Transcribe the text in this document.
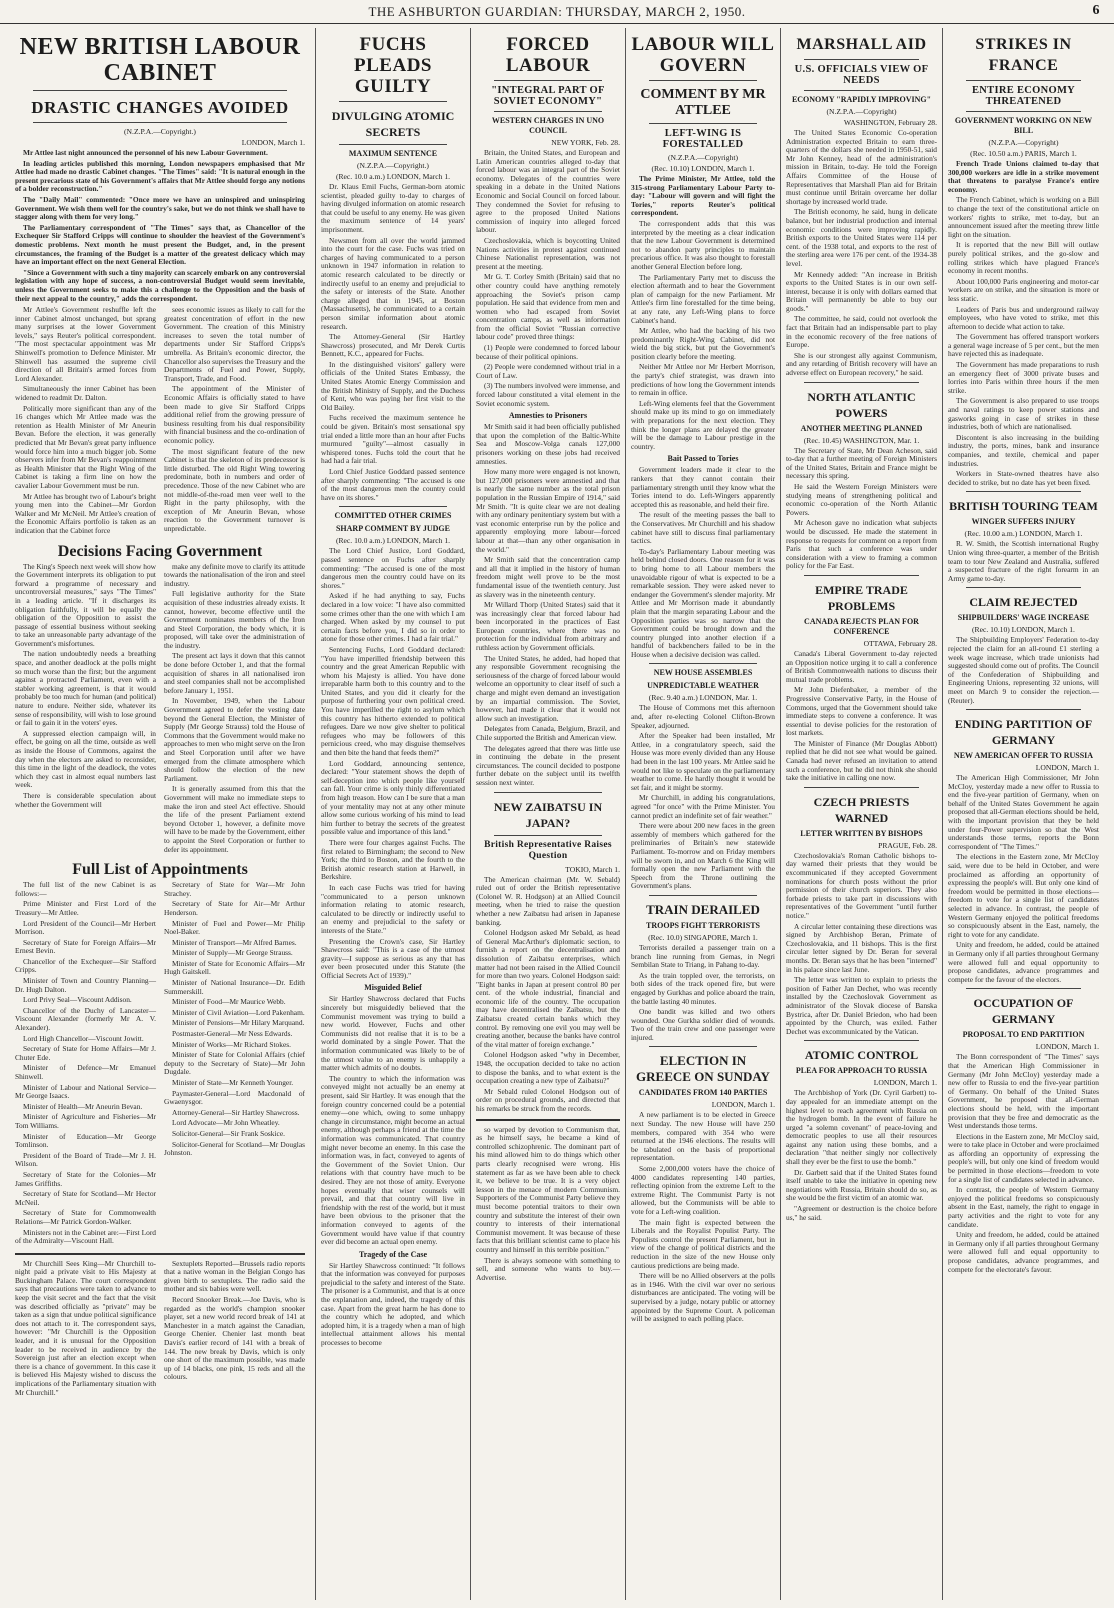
THE ASHBURTON GUARDIAN: THURSDAY, MARCH 2, 1950.	6
NEW BRITISH LABOUR CABINET
DRASTIC CHANGES AVOIDED
(N.Z.P.A.—Copyright.)
LONDON, March 1.

Mr Attlee last night announced the personnel of his new Labour Government.

In leading articles published this morning, London newspapers emphasised that Mr Attlee had made no drastic Cabinet changes. "The Times" said: "It is natural enough in the present precarious state of his Government's affairs that Mr Attlee should forgo any notions of a bolder reconstruction."

The "Daily Mail" commented: "Once more we have an uninspired and uninspiring Government. We wish them well for the country's sake, but we do not think we shall have to stagger along with them for very long."

The Parliamentary correspondent of "The Times" says that, as Chancellor of the Exchequer Sir Stafford Cripps will continue to shoulder the heaviest of the Government's domestic problems. Next month he must present the Budget, and, in the present circumstances, the framing of the Budget is a matter of the greatest delicacy which may have an important effect on the next General Election.

"Since a Government with such a tiny majority can scarcely embark on any controversial legislation with any hope of success, a non-controversial Budget would seem inevitable, unless the Government seeks to make this a challenge to the Opposition and the basis of their next appeal to the country," adds the correspondent.

Mr Attlee's Government reshuffle left the inner Cabinet almost unchanged, but sprang many surprises at the lower Government levels," says Reuter's political correspondent. "The most spectacular appointment was Mr Shinwell's promotion to Defence Minister. Mr Shinwell has assumed the supreme civil direction of all Britain's armed forces from Lord Alexander.

Simultaneously the inner Cabinet has been widened to readmit Dr. Dalton.

Politically more significant than any of the 16 changes which Mr Attlee made was the retention as Health Minister of Mr Aneurin Bevan. Before the election, it was generally predicted that Mr Bevan's great party influence would force him into a much bigger job. Some observers infer from Mr Bevan's reappointment as Health Minister that the Right Wing of the Cabinet is taking a firm line on how the cavalier Labour Government must be run.

Mr Attlee has brought two of Labour's bright young men into the Cabinet—Mr Gordon Walker and Mr McNeil. Mr Attlee's creation of the Economic Affairs portfolio is taken as an indication that the Cabinet force

sees economic issues as likely to call for the greatest concentration of effort in the new Government. The creation of this Ministry increases to seven the total number of departments under Sir Stafford Cripps's umbrella. As Britain's economic director, the Chancellor also supervises the Treasury and the Departments of Fuel and Power, Supply, Transport, Trade, and Food.

The appointment of the Minister of Economic Affairs is officially stated to have been made to give Sir Stafford Cripps additional relief from the growing pressure of business resulting from his dual responsibility with financial business and the co-ordination of economic policy.

The most significant feature of the new Cabinet is that the skeleton of its predecessor is little disturbed. The old Right Wing towering predominate, both in numbers and order of precedence. Those of the new Cabinet who are not middle-of-the-road men veer well to the Right in the party philosophy, with the exception of Mr Aneurin Bevan, whose reaction to the Government turnover is unpredictable.

Decisions Facing Government

The King's Speech next week will show how the Government interprets its obligation to put forward a programme of necessary and uncontroversial measures," says "The Times" in a leading article. "If it discharges its obligation faithfully, it will be equally the obligation of the Opposition to assist the passage of essential business without seeking to take an unreasonable party advantage of the Government's misfortunes.

The nation undoubtedly needs a breathing space, and another deadlock at the polls might so much worse than the first; but the argument against a protracted Parliament, even with a stabler working agreement, is that it would probably be too much for human (and political) nature to endure. Neither side, whatever its sense of responsibility, will wish to lose ground or fail to gain it in the voters' eyes.

A suppressed election campaign will, in effect, be going on all the time, outside as well as inside the House of Commons, against the day when the electors are asked to reconsider, this time in the light of the deadlock, the votes which they cast in almost equal numbers last week.

There is considerable speculation about whether the Government will

make any definite move to clarify its attitude towards the nationalisation of the iron and steel industry.

Full legislative authority for the State acquisition of these industries already exists. It cannot, however, become effective until the Government nominates members of the Iron and Steel Corporation, the body which, it is proposed, will take over the administration of the industry.

The present act lays it down that this cannot be done before October 1, and that the formal acquisition of shares in all nationalised iron and steel companies shall not be accomplished before January 1, 1951.

In November, 1949, when the Labour Government agreed to defer the vesting date beyond the General Election, the Minister of Supply (Mr George Strauss) told the House of Commons that the Government would make no approaches to men who might serve on the Iron and Steel Corporation until after we have emerged from the climate atmosphere which should follow the election of the new Parliament.

It is generally assumed from this that the Government will make no immediate steps to make the iron and steel Act effective. Should the life of the present Parliament extend beyond October 1, however, a definite move will have to be made by the Government, either to appoint the Steel Corporation or further to defer its appointment.

Full List of Appointments

The full list of the new Cabinet is as follows:—

Prime Minister and First Lord of the Treasury—Mr Attlee.

Lord President of the Council—Mr Herbert Morrison.

Secretary of State for Foreign Affairs—Mr Ernest Bevin.

Chancellor of the Exchequer—Sir Stafford Cripps.

Minister of Town and Country Planning—Dr. Hugh Dalton.

Lord Privy Seal—Viscount Addison.

Chancellor of the Duchy of Lancaster—Viscount Alexander (formerly Mr A. V. Alexander).

Lord High Chancellor—Viscount Jowitt.

Secretary of State for Home Affairs—Mr J. Chuter Ede.

Minister of Defence—Mr Emanuel Shinwell.

Minister of Labour and National Service—Mr George Isaacs.

Minister of Health—Mr Aneurin Bevan.

Minister of Agriculture and Fisheries—Mr Tom Williams.

Minister of Education—Mr George Tomlinson.

President of the Board of Trade—Mr J. H. Wilson.

Secretary of State for the Colonies—Mr James Griffiths.

Secretary of State for Scotland—Mr Hector McNeil.

Secretary of State for Commonwealth Relations—Mr Patrick Gordon-Walker.

Ministers not in the Cabinet are:—First Lord of the Admiralty—Viscount Hall.

Secretary of State for War—Mr John Strachey.

Secretary of State for Air—Mr Arthur Henderson.

Minister of Fuel and Power—Mr Philip Noel-Baker.

Minister of Transport—Mr Alfred Barnes.

Minister of Supply—Mr George Strauss.

Minister of State for Economic Affairs—Mr Hugh Gaitskell.

Minister of National Insurance—Dr. Edith Summerskill.

Minister of Food—Mr Maurice Webb.

Minister of Civil Aviation—Lord Pakenham.

Minister of Pensions—Mr Hilary Marquand.

Postmaster-General—Mr Ness Edwards.

Minister of Works—Mr Richard Stokes.

Minister of State for Colonial Affairs (chief deputy to the Secretary of State)—Mr John Dugdale.

Minister of State—Mr Kenneth Younger.

Paymaster-General—Lord Macdonald of Gwaenysgor.

Attorney-General—Sir Hartley Shawcross.

Lord Advocate—Mr John Wheatley.

Solicitor-General—Sir Frank Soskice.

Solicitor-General for Scotland—Mr Douglas Johnston.

Mr Churchill Sees King—Mr Churchill to-night paid a private visit to His Majesty at Buckingham Palace. The court correspondent says that precautions were taken to advance to keep the visit secret and the fact that the visit was described officially as "private" may be taken as a sign that undue political significance does not attach to it. The correspondent says, however: "Mr Churchill is the Opposition leader, and it is unusual for the Opposition leader to be received in audience by the Sovereign just after an election except when there is a chance of government. In this case it is believed His Majesty wished to discuss the implications of the Parliamentary situation with Mr Churchill."

Sextuplets Reported—Brussels radio reports that a native woman in the Belgian Congo has given birth to sextuplets. The radio said the mother and six babies were well.

Record Snooker Break.—Joe Davis, who is regarded as the world's champion snooker player, set a new world record break of 141 at Manchester in a match against the Canadian, George Chenier. Chenier last month beat Davis's earlier record of 141 with a break of 144. The new break by Davis, which is only one short of the maximum possible, was made up of 14 blacks, one pink, 15 reds and all the colours.

FUCHS PLEADS GUILTY
DIVULGING ATOMIC SECRETS
MAXIMUM SENTENCE
(N.Z.P.A.—Copyright.)
(Rec. 10.0 a.m.) LONDON, March 1.

Dr. Klaus Emil Fuchs, German-born atomic scientist, pleaded guilty to-day to charges of having divulged information on atomic research that could be useful to any enemy. He was given the maximum sentence of 14 years' imprisonment.

Newsmen from all over the world jammed into the court for the case. Fuchs was tried on charges of having communicated to a person unknown in 1947 information in relation to atomic research calculated to be directly or indirectly useful to an enemy and prejudicial to the safety or interests of the State. Another charge alleged that in 1945, at Boston (Massachusetts), he communicated to a certain person similar information about atomic research.

The Attorney-General (Sir Hartley Shawcross) prosecuted, and Mr Derek Curtis Bennett, K.C., appeared for Fuchs.

In the distinguished visitors' gallery were officials of the United States Embassy, the United States Atomic Energy Commission and the British Ministry of Supply, and the Duchess of Kent, who was paying her first visit to the Old Bailey.

Fuchs received the maximum sentence he could be given. Britain's most sensational spy trial ended a little more than an hour after Fuchs murmured "guilty"—almost casually in whispered tones. Fuchs told the court that he had had a fair trial.

Lord Chief Justice Goddard passed sentence after sharply commenting: "The accused is one of the most dangerous men the country could have on its shores."

COMMITTED OTHER CRIMES
SHARP COMMENT BY JUDGE
(Rec. 10.0 a.m.) LONDON, March 1.

The Lord Chief Justice, Lord Goddard, passed sentence on Fuchs after sharply commenting: "The accused is one of the most dangerous men the country could have on its shores."

Asked if he had anything to say, Fuchs declared in a low voice: "I have also committed some crimes other than the one with which I am charged. When asked by my counsel to put certain facts before you, I did so in order to atone for those other crimes. I had a fair trial."

Sentencing Fuchs, Lord Goddard declared: "You have imperilled friendship between this country and the great American Republic with whom his Majesty is allied. You have done irreparable harm both to this country and to the United States, and you did it clearly for the purpose of furthering your own political creed. You have imperilled the right to asylum which this country has hitherto extended to political refugees. Dare we now give shelter to political refugees who may be followers of this pernicious creed, who may disguise themselves and then bite the hand that feeds them?"

Lord Goddard, announcing sentence, declared: "Your statement shows the depth of self-deception into which people like yourself can fall. Your crime is only thinly differentiated from high treason. How can I be sure that a man of your mentality may not at any other minute allow some curious working of his mind to lead him further to betray the secrets of the greatest possible value and importance of this land."

There were four charges against Fuchs. The first related to Birmingham; the second to New York; the third to Boston, and the fourth to the British atomic research station at Harwell, in Berkshire.

In each case Fuchs was tried for having "communicated to a person unknown information relating to atomic research, calculated to be directly or indirectly useful to an enemy and prejudicial to the safety or interests of the State."

Presenting the Crown's case, Sir Hartley Shawcross said: "This is a case of the utmost gravity—I suppose as serious as any that has ever been prosecuted under this Statute (the Official Secrets Act of 1939)."

Misguided Belief

Sir Hartley Shawcross declared that Fuchs sincerely but misguidedly believed that the Communist movement was trying to build a new world. However, Fuchs and other Communists did not realise that it is to be a world dominated by a single Power. That the information communicated was likely to be of the utmost value to an enemy is unhappily a matter which admits of no doubts.

The country to which the information was conveyed might not actually be an enemy at present, said Sir Hartley. It was enough that the foreign country concerned could be a potential enemy—one which, owing to some unhappy change in circumstance, might become an actual enemy, although perhaps a friend at the time the information was communicated. That country might never become an enemy. In this case the information was, in fact, conveyed to agents of the Government of the Soviet Union. Our relations with that country have much to be desired. They are not those of amity. Everyone hopes eventually that wiser counsels will prevail, and that that country will live in friendship with the rest of the world, but it must have been obvious to the prisoner that the information conveyed to agents of the Government would have value if that country ever did become an actual open enemy.

Tragedy of the Case

Sir Hartley Shawcross continued: "It follows that the information was conveyed for purposes prejudicial to the safety and interest of the State. The prisoner is a Communist, and that is at once the explanation and, indeed, the tragedy of this case. Apart from the great harm he has done to the country which he adopted, and which adopted him, it is a tragedy when a man of high intellectual attainment allows his mental processes to become

FORCED LABOUR
"INTEGRAL PART OF SOVIET ECONOMY"
WESTERN CHARGES IN UNO COUNCIL
NEW YORK, Feb. 28.

Britain, the United States, and European and Latin American countries alleged to-day that forced labour was an integral part of the Soviet economy. Delegates of the countries were speaking in a debate in the United Nations Economic and Social Council on forced labour. They condemned the Soviet for refusing to agree to the proposed United Nations commission of inquiry into alleged forced labour.

Czechoslovakia, which is boycotting United Nations activities in protest against continued Chinese Nationalist representation, was not present at the meeting.

Mr G. T. Corley Smith (Britain) said that no other country could have anything remotely approaching the Soviet's prison camp population. He said that evidence from men and women who had escaped from Soviet concentration camps, as well as information from the official Soviet "Russian corrective labour code" proved three things:

(1) People were condemned to forced labour because of their political opinions.

(2) People were condemned without trial in a Court of Law.

(3) The numbers involved were immense, and forced labour constituted a vital element in the Soviet economic system.

Amnesties to Prisoners

Mr Smith said it had been officially published that upon the completion of the Baltic-White Sea and Moscow-Volga canals 127,000 prisoners working on these jobs had received amnesties.

How many more were engaged is not known, but 127,000 prisoners were amnestied and that is nearly the same number as the total prison population in the Russian Empire of 1914," said Mr Smith. "It is quite clear we are not dealing with any ordinary penitentiary system but with a vast economic enterprise run by the police and apparently employing more labour—forced labour at that—than any other organisation in the world."

Mr Smith said that the concentration camp and all that it implied in the history of human freedom might well prove to be the most fundamental issue of the twentieth century. Just as slavery was in the nineteenth century.

Mr Willard Thorp (United States) said that it was increasingly clear that forced labour had been incorporated in the practices of East European countries, where there was no protection for the individual from arbitrary and ruthless action by Government officials.

The United States, he added, had hoped that any responsible Government recognising the seriousness of the charge of forced labour would welcome an opportunity to clear itself of such a charge and might even demand an investigation by an impartial commission. The Soviet, however, had made it clear that it would not allow such an investigation.

Delegates from Canada, Belgium, Brazil, and Chile supported the British and American view.

The delegates agreed that there was little use in continuing the debate in the present circumstances. The council decided to postpone further debate on the subject until its twelfth session next winter.

NEW ZAIBATSU IN JAPAN?
British Representative Raises Question
TOKIO, March 1.

The American chairman (Mr. W. Sebald) ruled out of order the British representative (Colonel W. R. Hodgson) at an Allied Council meeting, when he tried to raise the question whether a new Zaibatsu had arisen in Japanese banking.

Colonel Hodgson asked Mr Sebald, as head of General MacArthur's diplomatic section, to furnish a report on the decentralisation and dissolution of Zaibatsu enterprises, which matter had not been raised in the Allied Council for more than two years. Colonel Hodgson said: "Eight banks in Japan at present control 80 per cent. of the whole industrial, financial and economic life of the country. The occupation may have decentralised the Zaibatsu, but the Zaibatsu created certain banks which they control. By removing one evil you may well be creating another, because the banks have control of the vital matter of foreign exchange."

Colonel Hodgson asked "why in December, 1948, the occupation decided to take no action to dispose the banks, and to what extent is the occupation creating a new type of Zaibatsu?"

Mr Sebald ruled Colonel Hodgson out of order on procedural grounds, and directed that his remarks be struck from the records.

so warped by devotion to Communism that, as he himself says, he became a kind of controlled schizophrenic. The dominant part of his mind allowed him to do things which other parts clearly recognised were wrong. His statement as far as we have been able to check it, we believe to be true. It is a very object lesson in the menace of modern Communism. Supporters of the Communist Party believe they must become potential traitors to their own country and substitute the interest of their own country to interests of their international Communist movement. It was because of these facts that this brilliant scientist came to place his country and himself in this terrible position."

There is always someone with something to sell, and someone who wants to buy.—Advertise.

LABOUR WILL GOVERN
COMMENT BY MR ATTLEE
LEFT-WING IS FORESTALLED
(N.Z.P.A.—Copyright)
(Rec. 10.10) LONDON, March 1.

The Prime Minister, Mr Attlee, told the 315-strong Parliamentary Labour Party to-day: "Labour will govern and will fight the Tories," reports Reuter's political correspondent.

The correspondent adds that this was interpreted by the meeting as a clear indication that the new Labour Government is determined not to abandon party principles to maintain precarious office. It was also thought to forestall another General Election before long.

The Parliamentary Party met to discuss the election aftermath and to hear the Government plan of campaign for the new Parliament. Mr Attlee's firm line forestalled for the time being, at any rate, any Left-Wing plans to force Cabinet's hand.

Mr Attlee, who had the backing of his two predominantly Right-Wing Cabinet, did not wield the big stick, but put the Government's position clearly before the meeting.

Neither Mr Attlee nor Mr Herbert Morrison, the party's chief strategist, was drawn into predictions of how long the Government intends to remain in office.

Left-Wing elements feel that the Government should make up its mind to go on immediately with preparations for the next election. They think the longer plans are delayed the greater will be the damage to Labour prestige in the country.

Bait Passed to Tories

Government leaders made it clear to the rankers that they cannot contain their parliamentary strength until they know what the Tories intend to do. Left-Wingers apparently accepted this as reasonable, and held their fire.

The result of the meeting passes the ball to the Conservatives. Mr Churchill and his shadow cabinet have still to discuss final parliamentary tactics.

To-day's Parliamentary Labour meeting was held behind closed doors. One reason for it was to bring home to all Labour members the unavoidable rigour of what is expected to be a remarkable session. They were asked never to endanger the Government's slender majority. Mr Attlee and Mr Morrison made it abundantly plain that the margin separating Labour and the Opposition parties was so narrow that the Government could be brought down and the country plunged into another election if a handful of backbenchers failed to be in the House when a decisive decision was called.

NEW HOUSE ASSEMBLES
UNPREDICTABLE WEATHER
(Rec. 9.40 a.m.) LONDON, Mar. 1.

The House of Commons met this afternoon and, after re-electing Colonel Clifton-Brown Speaker, adjourned.

After the Speaker had been installed, Mr Attlee, in a congratulatory speech, said the House was more evenly divided than any House had been in the last 100 years. Mr Attlee said he would not like to speculate on the parliamentary weather to come. He hardly thought it would be set fair, and it might be stormy.

Mr Churchill, in adding his congratulations, agreed "for once" with the Prime Minister. You cannot predict an indefinite set of fair weather."

There were about 200 new faces in the green assembly of members which gathered for the preliminaries of Britain's new statewide Parliament. To-morrow and on Friday members will be sworn in, and on March 6 the King will formally open the new Parliament with the Speech from the Throne outlining the Government's plans.

TRAIN DERAILED
TROOPS FIGHT TERRORISTS
(Rec. 10.0) SINGAPORE, March 1.

Terrorists derailed a passenger train on a branch line running from Gemas, in Negri Sembilan State to Triang, in Pahang to-day.

As the train toppled over, the terrorists, on both sides of the track opened fire, but were engaged by Gurkhas and police aboard the train, the battle lasting 40 minutes.

One bandit was killed and two others wounded. One Gurkha soldier died of wounds. Two of the train crew and one passenger were injured.

ELECTION IN GREECE ON SUNDAY
CANDIDATES FROM 140 PARTIES
LONDON, March 1.

A new parliament is to be elected in Greece next Sunday. The new House will have 250 members, compared with 354 who were returned at the 1946 elections. The results will be tabulated on the basis of proportional representation.

Some 2,000,000 voters have the choice of 4000 candidates representing 140 parties, reflecting opinion from the extreme Left to the extreme Right. The Communist Party is not allowed, but the Communists will be able to vote for a Left-wing coalition.

The main fight is expected between the Liberals and the Royalist Populist Party. The Populists control the present Parliament, but in view of the change of political districts and the reduction in the size of the new House only cautious predictions are being made.

There will be no Allied observers at the polls as in 1946. With the civil war over no serious disturbances are anticipated. The voting will be supervised by a judge, notary public or attorney appointed by the Supreme Court. A policeman will be assigned to each polling place.

MARSHALL AID
U.S. OFFICIALS VIEW OF NEEDS
ECONOMY "RAPIDLY IMPROVING"
(N.Z.P.A.—Copyright)
WASHINGTON, February 28.

The United States Economic Co-operation Administration expected Britain to earn three-quarters of the dollars she needed in 1950-51, said Mr John Kenney, head of the administration's mission in Britain, to-day. He told the Foreign Affairs Committee of the House of Representatives that Marshall Plan aid for Britain must continue until Britain overcame her dollar shortage by increased world trade.

The British economy, he said, hung in delicate balance, but her industrial production and internal economic conditions were improving rapidly. British exports to the United States were 114 per cent. of the 1938 total, and exports to the rest of the sterling area were 176 per cent. of the 1934-38 level.

Mr Kennedy added: "An increase in British exports to the United States is in our own self-interest, because it is only with dollars earned that Britain will permanently be able to buy our goods."

The committee, he said, could not overlook the fact that Britain had an indispensable part to play in the economic recovery of the free nations of Europe.

She is our strongest ally against Communism, and any retarding of British recovery will have an adverse effect on European recovery," he said.

NORTH ATLANTIC POWERS
ANOTHER MEETING PLANNED
(Rec. 10.45) WASHINGTON, Mar. 1.

The Secretary of State, Mr Dean Acheson, said to-day that a further meeting of Foreign Ministers of the United States, Britain and France might be necessary this spring.

He said the Western Foreign Ministers were studying means of strengthening political and economic co-operation of the North Atlantic Powers.

Mr Acheson gave no indication what subjects would be discussed. He made the statement in response to requests for comment on a report from Paris that such a conference was under consideration with a view to framing a common policy for the Far East.

EMPIRE TRADE PROBLEMS
CANADA REJECTS PLAN FOR CONFERENCE
OTTAWA, February 28.

Canada's Liberal Government to-day rejected an Opposition notice urging it to call a conference of British Commonwealth nations to discuss their mutual trade problems.

Mr John Diefenbaker, a member of the Progressive Conservative Party, in the House of Commons, urged that the Government should take immediate steps to convene a conference. It was essential to devise policies for the restoration of lost markets.

The Minister of Finance (Mr Douglas Abbott) replied that he did not see what would be gained. Canada had never refused an invitation to attend such a conference, but he did not think she should take the initiative in calling one now.

CZECH PRIESTS WARNED
LETTER WRITTEN BY BISHOPS
PRAGUE, Feb. 28.

Czechoslovakia's Roman Catholic bishops to-day warned their priests that they would be excommunicated if they accepted Government nominations for church posts without the prior permission of their church superiors. They also forbade priests to take part in discussions with representatives of the Government "until further notice."

A circular letter containing these directions was signed by Archbishop Beran, Primate of Czechoslovakia, and 11 bishops. This is the first circular letter signed by Dr. Beran for several months. Dr. Beran says that he has been "interned" in his palace since last June.

The letter was written to explain to priests the position of Father Jan Dechet, who was recently installed by the Czechoslovak Government as administrator of the Slovak diocese of Banska Bystrica, after Dr. Daniel Briedon, who had been appointed by the Church, was exiled. Father Dechet was excommunicated by the Vatican.

ATOMIC CONTROL
PLEA FOR APPROACH TO RUSSIA
LONDON, March 1.

The Archbishop of York (Dr. Cyril Garbett) to-day appealed for an immediate attempt on the highest level to reach agreement with Russia on the hydrogen bomb. In the event of failure he urged "a solemn covenant" of peace-loving and democratic peoples to use all their resources against any nation using these bombs, and a declaration "that neither singly nor collectively shall they ever be the first to use the bomb."

Dr. Garbett said that if the United States found itself unable to take the initiative in opening new negotiations with Russia, Britain should do so, as she would be the first victim of an atomic war.

"Agreement or destruction is the choice before us," he said.

STRIKES IN FRANCE
ENTIRE ECONOMY THREATENED
GOVERNMENT WORKING ON NEW BILL
(N.Z.P.A.—Copyright)
(Rec. 10.50 a.m.) PARIS, March 1.

French Trade Unions claimed to-day that 300,000 workers are idle in a strike movement that threatens to paralyse France's entire economy.

The French Cabinet, which is working on a Bill to change the text of the constitutional article on workers' rights to strike, met to-day, but an announcement issued after the meeting threw little light on the situation.

It is reported that the new Bill will outlaw purely political strikes, and the go-slow and rolling strikes which have plagued France's economy in recent months.

About 100,000 Paris engineering and motor-car workers are on strike, and the situation is more or less static.

Leaders of Paris bus and underground railway employees, who have voted to strike, met this afternoon to decide what action to take.

The Government has offered transport workers a general wage increase of 5 per cent., but the men have rejected this as inadequate.

The Government has made preparations to rush an emergency fleet of 3000 private buses and lorries into Paris within three hours if the men strike.

The Government is also prepared to use troops and naval ratings to keep power stations and gasworks going in case of strikes in these industries, both of which are nationalised.

Discontent is also increasing in the building industry, the ports, mines, bank and insurance companies, and textile, chemical and paper industries.

Workers in State-owned theatres have also decided to strike, but no date has yet been fixed.

BRITISH TOURING TEAM
WINGER SUFFERS INJURY
(Rec. 10.00 a.m.) LONDON, March 1.

R. W. Smith, the Scottish international Rugby Union wing three-quarter, a member of the British team to tour New Zealand and Australia, suffered a suspected fracture of the right forearm in an Army game to-day.

CLAIM REJECTED
SHIPBUILDERS' WAGE INCREASE
(Rec. 10.10) LONDON, March 1.

The Shipbuilding Employers' Federation to-day rejected the claim for an all-round £1 sterling a week wage increase, which trade unionists had suggested should come out of profits. The Council of the Confederation of Shipbuilding and Engineering Unions, representing 32 unions, will meet on March 9 to consider the rejection.—(Reuter).

ENDING PARTITION OF GERMANY
NEW AMERICAN OFFER TO RUSSIA
LONDON, March 1.

The American High Commissioner, Mr John McCloy, yesterday made a new offer to Russia to end the five-year partition of Germany, when on behalf of the United States Government he again proposed that all-German elections should be held, with the important provision that they be held under four-Power supervision so that the West understands those terms, reports the Bonn correspondent of "The Times."

The elections in the Eastern zone, Mr McCloy said, were due to be held in October, and were proclaimed as affording an opportunity of expressing the people's will. But only one kind of freedom would be permitted in those elections—freedom to vote for a single list of candidates selected in advance. In contrast, the people of Western Germany enjoyed the political freedoms so conspicuously absent in the East, namely, the right to vote for any candidate.

Unity and freedom, he added, could be attained in Germany only if all parties throughout Germany were allowed full and equal opportunity to propose candidates, advance programmes and compete for the favour of the electors.

OCCUPATION OF GERMANY
PROPOSAL TO END PARTITION
LONDON, March 1.

The Bonn correspondent of "The Times" says that the American High Commissioner in Germany (Mr John McCloy) yesterday made a new offer to Russia to end the five-year partition of Germany. On behalf of the United States Government, he proposed that all-German elections should be held, with the important provision that they be free and democratic as the West understands those terms.

Elections in the Eastern zone, Mr McCloy said, were to take place in October and were proclaimed as affording an opportunity of expressing the people's will, but only one kind of freedom would be permitted in those elections—freedom to vote for a single list of candidates selected in advance.

In contrast, the people of Western Germany enjoyed the political freedoms so conspicuously absent in the East, namely, the right to engage in party activities and the right to vote for any candidate.

Unity and freedom, he added, could be attained in Germany only if all parties throughout Germany were allowed full and equal opportunity to propose candidates, advance programmes, and compete for the electorate's favour.
